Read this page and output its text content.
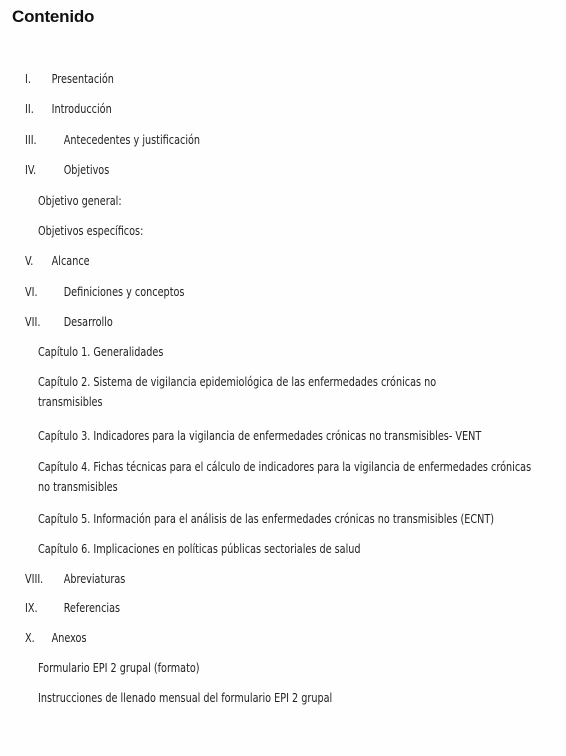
Contenido
I. Presentación
II. Introducción
III. Antecedentes y justificación
IV. Objetivos
Objetivo general:
Objetivos específicos:
V. Alcance
VI. Definiciones y conceptos
VII. Desarrollo
Capítulo 1. Generalidades
Capítulo 2. Sistema de vigilancia epidemiológica de las enfermedades crónicas no transmisibles
Capítulo 3. Indicadores para la vigilancia de enfermedades crónicas no transmisibles- VENT
Capítulo 4. Fichas técnicas para el cálculo de indicadores para la vigilancia de enfermedades crónicas no transmisibles
Capítulo 5. Información para el análisis de las enfermedades crónicas no transmisibles (ECNT)
Capítulo 6. Implicaciones en políticas públicas sectoriales de salud
VIII. Abreviaturas
IX. Referencias
X. Anexos
Formulario EPI 2 grupal (formato)
Instrucciones de llenado mensual del formulario EPI 2 grupal
